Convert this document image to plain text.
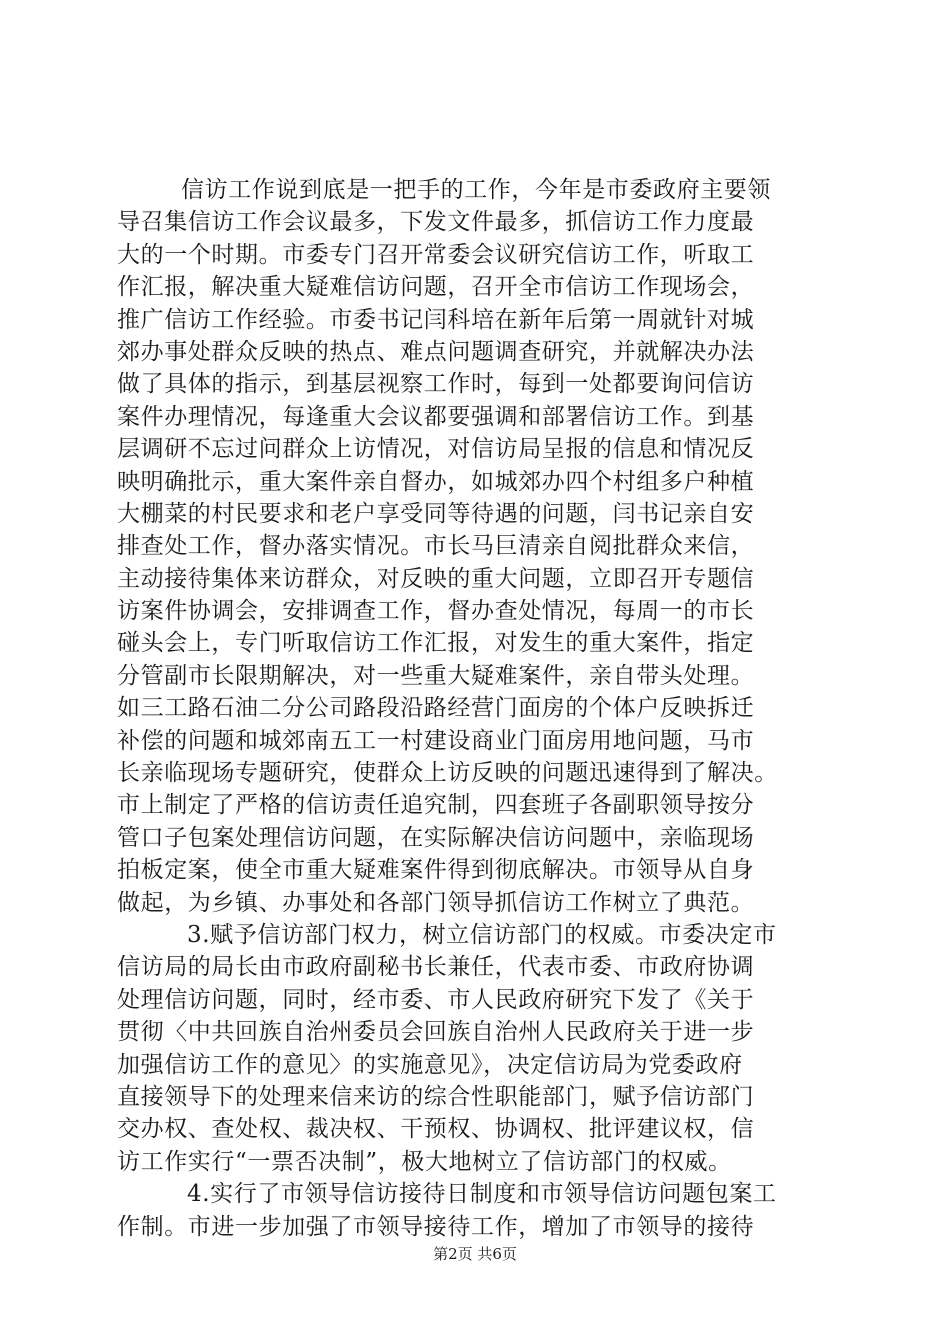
信访工作说到底是一把手的工作，今年是市委政府主要领
导召集信访工作会议最多，下发文件最多，抓信访工作力度最
大的一个时期。市委专门召开常委会议研究信访工作，听取工
作汇报，解决重大疑难信访问题，召开全市信访工作现场会，
推广信访工作经验。市委书记闫科培在新年后第一周就针对城
郊办事处群众反映的热点、难点问题调查研究，并就解决办法
做了具体的指示，到基层视察工作时，每到一处都要询问信访
案件办理情况，每逢重大会议都要强调和部署信访工作。到基
层调研不忘过问群众上访情况，对信访局呈报的信息和情况反
映明确批示，重大案件亲自督办，如城郊办四个村组多户种植
大棚菜的村民要求和老户享受同等待遇的问题，闫书记亲自安
排查处工作，督办落实情况。市长马巨清亲自阅批群众来信，
主动接待集体来访群众，对反映的重大问题，立即召开专题信
访案件协调会，安排调查工作，督办查处情况，每周一的市长
碰头会上，专门听取信访工作汇报，对发生的重大案件，指定
分管副市长限期解决，对一些重大疑难案件，亲自带头处理。
如三工路石油二分公司路段沿路经营门面房的个体户反映拆迁
补偿的问题和城郊南五工一村建设商业门面房用地问题，马市
长亲临现场专题研究，使群众上访反映的问题迅速得到了解决。
市上制定了严格的信访责任追究制，四套班子各副职领导按分
管口子包案处理信访问题，在实际解决信访问题中，亲临现场
拍板定案，使全市重大疑难案件得到彻底解决。市领导从自身
做起，为乡镇、办事处和各部门领导抓信访工作树立了典范。
3.赋予信访部门权力，树立信访部门的权威。市委决定市
信访局的局长由市政府副秘书长兼任，代表市委、市政府协调
处理信访问题，同时，经市委、市人民政府研究下发了《关于
贯彻〈中共回族自治州委员会回族自治州人民政府关于进一步
加强信访工作的意见〉的实施意见》，决定信访局为党委政府
直接领导下的处理来信来访的综合性职能部门，赋予信访部门
交办权、查处权、裁决权、干预权、协调权、批评建议权，信
访工作实行“一票否决制”，极大地树立了信访部门的权威。
4.实行了市领导信访接待日制度和市领导信访问题包案工
作制。市进一步加强了市领导接待工作，增加了市领导的接待
第2页 共6页
